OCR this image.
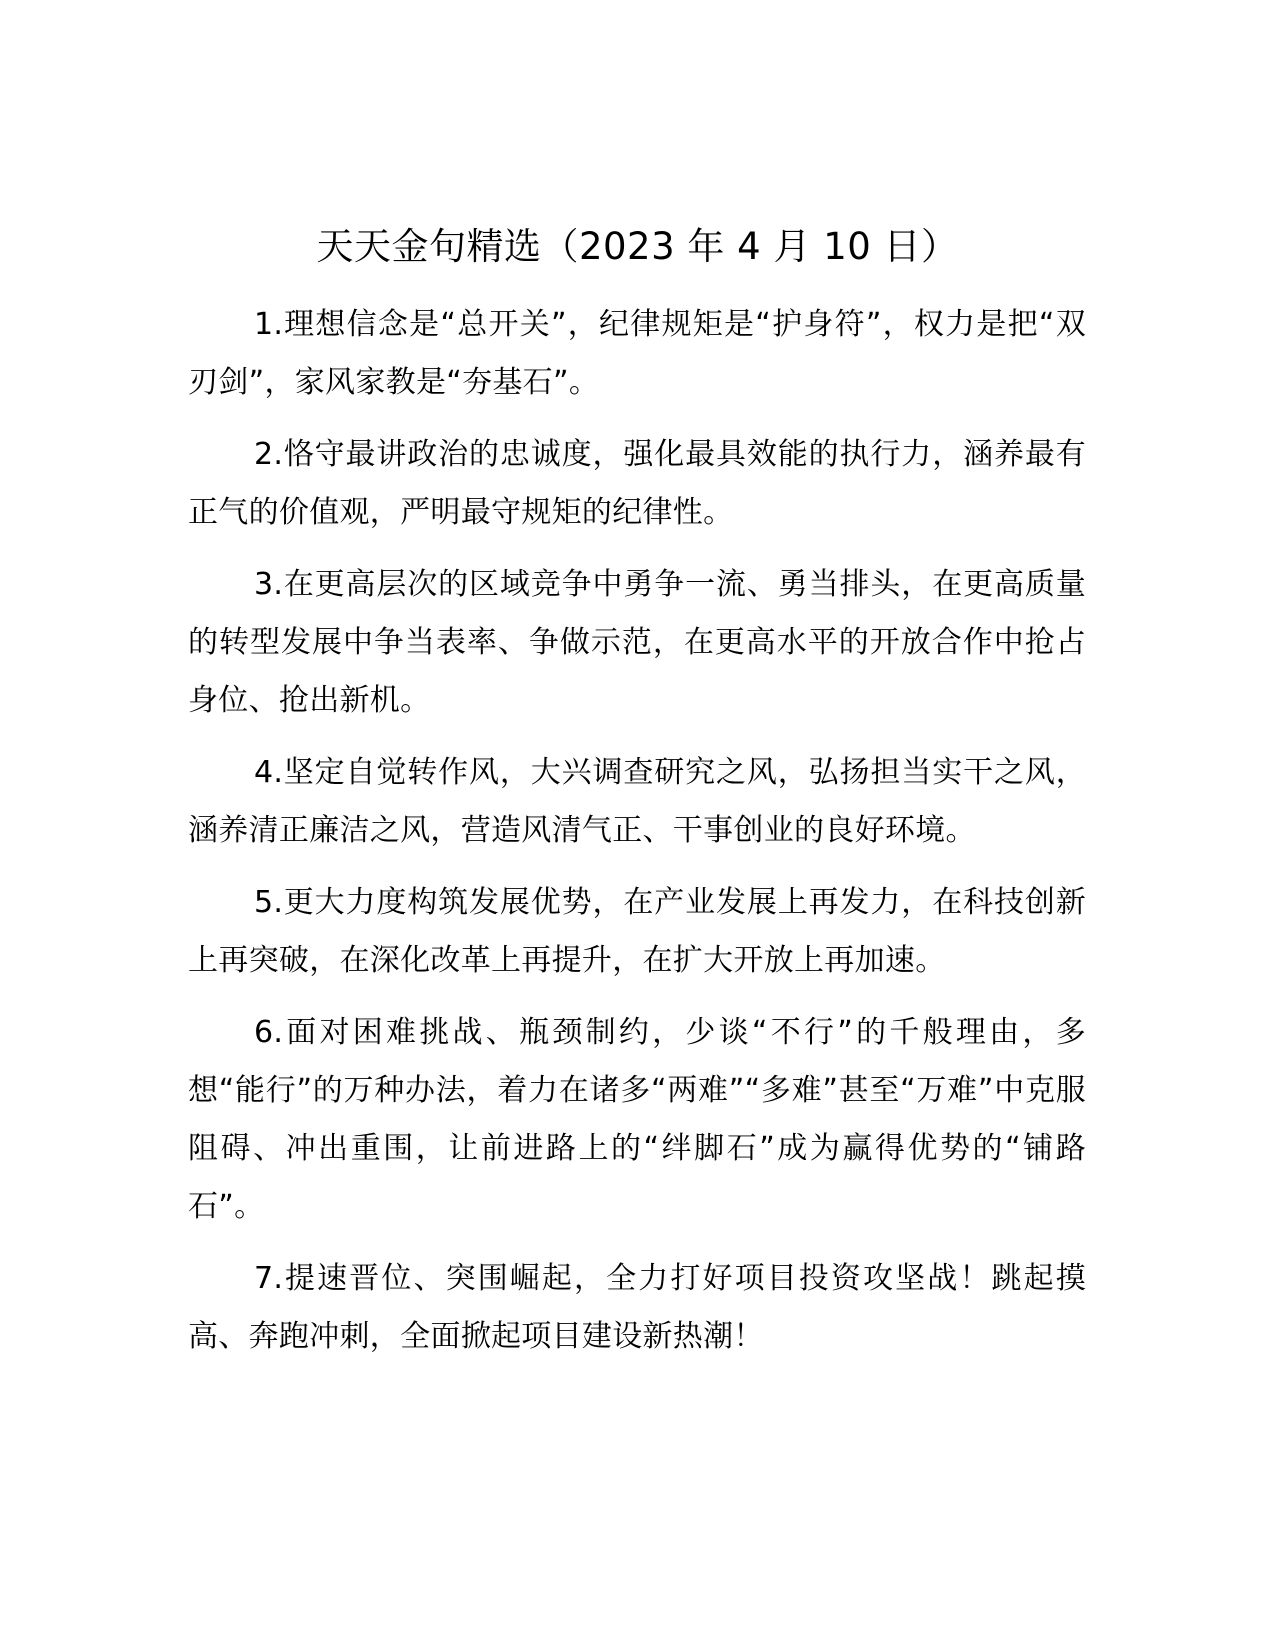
天天金句精选（2023 年 4 月 10 日）

1.理想信念是“总开关”，纪律规矩是“护身符”，权力是把“双刃剑”，家风家教是“夯基石”。

2.恪守最讲政治的忠诚度，强化最具效能的执行力，涵养最有正气的价值观，严明最守规矩的纪律性。

3.在更高层次的区域竞争中勇争一流、勇当排头，在更高质量的转型发展中争当表率、争做示范，在更高水平的开放合作中抢占身位、抢出新机。

4.坚定自觉转作风，大兴调查研究之风，弘扬担当实干之风，涵养清正廉洁之风，营造风清气正、干事创业的良好环境。

5.更大力度构筑发展优势，在产业发展上再发力，在科技创新上再突破，在深化改革上再提升，在扩大开放上再加速。

6.面对困难挑战、瓶颈制约，少谈“不行”的千般理由，多想“能行”的万种办法，着力在诸多“两难”“多难”甚至“万难”中克服阻碍、冲出重围，让前进路上的“绊脚石”成为赢得优势的“铺路石”。

7.提速晋位、突围崛起，全力打好项目投资攻坚战！跳起摸高、奔跑冲刺，全面掀起项目建设新热潮！
